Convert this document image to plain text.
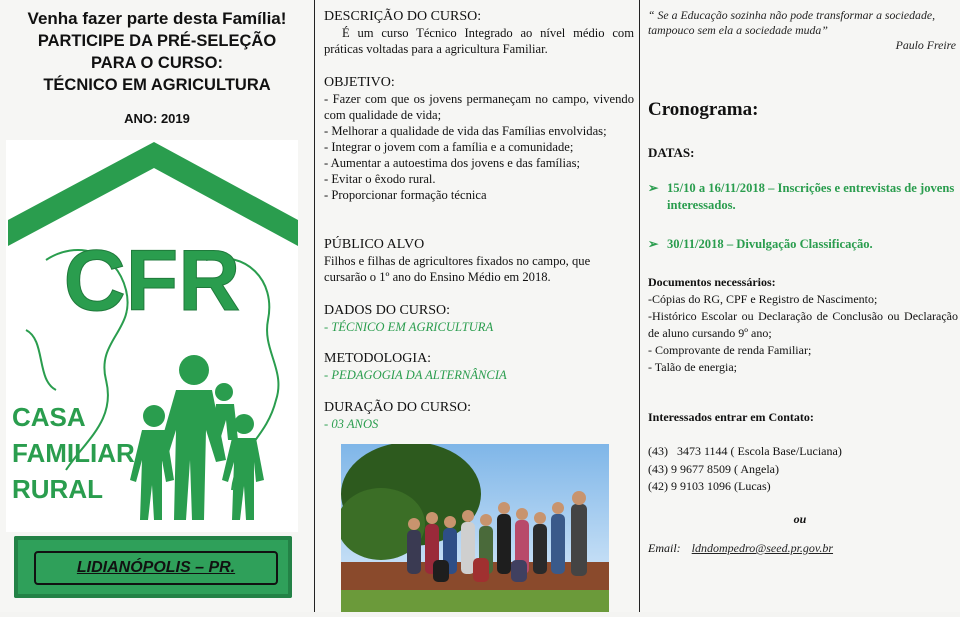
Venha fazer parte desta Família!
PARTICIPE DA PRÉ-SELEÇÃO
PARA O CURSO:
TÉCNICO EM AGRICULTURA
ANO: 2019
CFR
CASA
FAMILIAR
RURAL
LIDIANÓPOLIS – PR.
DESCRIÇÃO DO CURSO:
É um curso Técnico Integrado ao nível médio com práticas voltadas para a agricultura Familiar.
OBJETIVO:
- Fazer com que os jovens permaneçam no campo, vivendo com qualidade de vida;
- Melhorar a qualidade de vida das Famílias envolvidas;
- Integrar o jovem com a família e a comunidade;
- Aumentar a autoestima dos jovens e das famílias;
- Evitar o êxodo rural.
- Proporcionar formação técnica
PÚBLICO ALVO
Filhos e filhas de agricultores fixados no campo, que cursarão o 1º ano do Ensino Médio em 2018.
DADOS DO CURSO:
- TÉCNICO EM AGRICULTURA
METODOLOGIA:
- PEDAGOGIA DA ALTERNÂNCIA
DURAÇÃO DO CURSO:
- 03 ANOS
“ Se a Educação sozinha não pode transformar a sociedade, tampouco sem ela a sociedade muda”
Paulo Freire
Cronograma:
DATAS:
➢ 15/10 a 16/11/2018 – Inscrições e entrevistas de jovens interessados.
➢ 30/11/2018 – Divulgação Classificação.
Documentos necessários:
-Cópias do RG, CPF e Registro de Nascimento;
-Histórico Escolar ou Declaração de Conclusão ou Declaração de aluno cursando 9º ano;
- Comprovante de renda Familiar;
- Talão de energia;
Interessados entrar em Contato:
(43)   3473 1144 ( Escola Base/Luciana)
(43) 9 9677 8509 ( Angela)
(42) 9 9103 1096 (Lucas)
ou
Email: ldndompedro@seed.pr.gov.br
